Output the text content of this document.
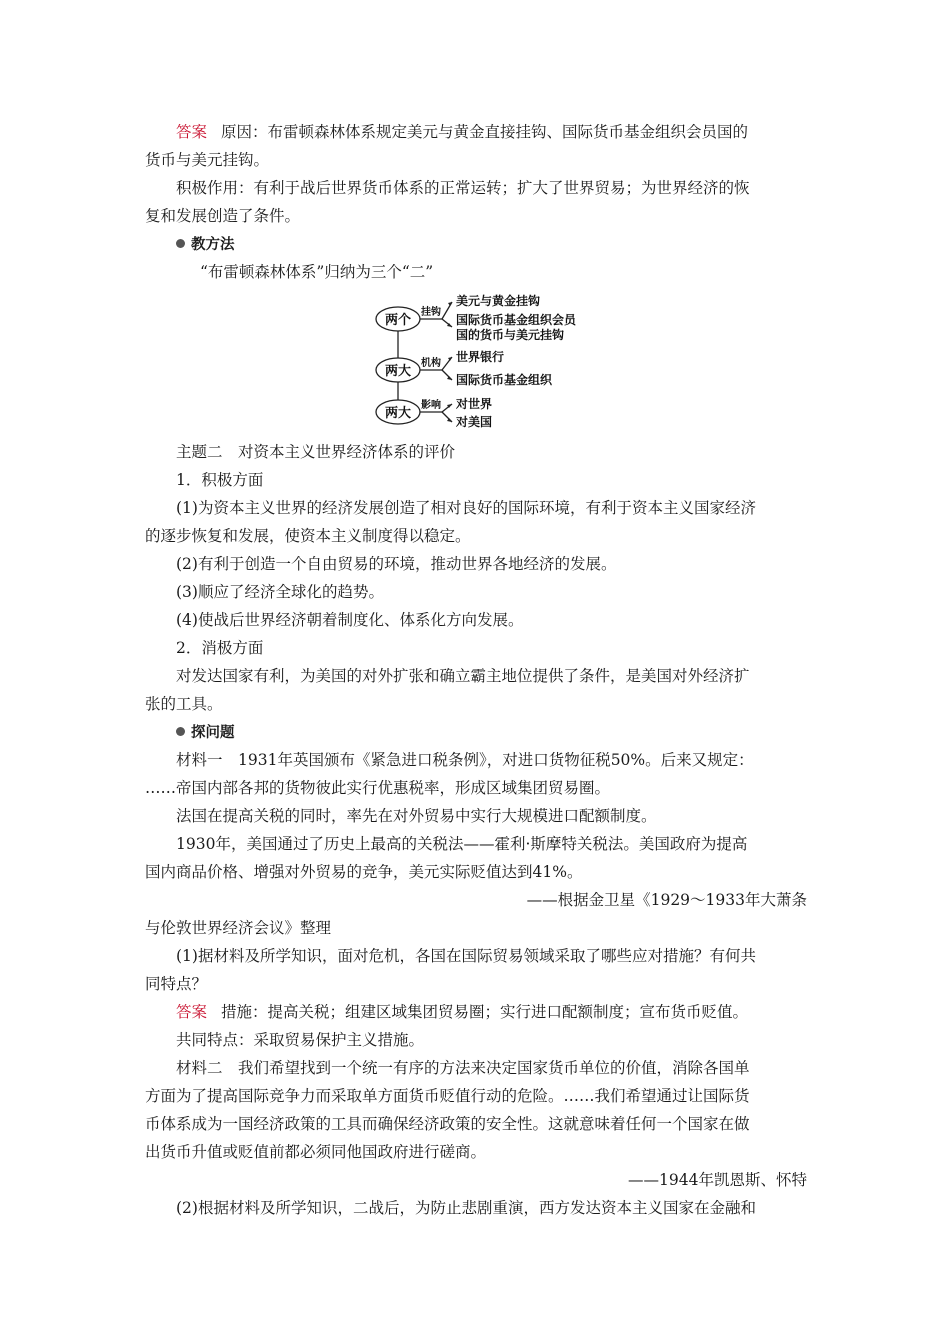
答案 原因：布雷顿森林体系规定美元与黄金直接挂钩、国际货币基金组织会员国的
货币与美元挂钩。
积极作用：有利于战后世界货币体系的正常运转；扩大了世界贸易；为世界经济的恢
复和发展创造了条件。
教方法
“布雷顿森林体系”归纳为三个“二”
两个
两大
两大
挂钩
机构
影响
美元与黄金挂钩
国际货币基金组织会员
国的货币与美元挂钩
世界银行
国际货币基金组织
对世界
对美国
主题二　对资本主义世界经济体系的评价
1．积极方面
(1)为资本主义世界的经济发展创造了相对良好的国际环境，有利于资本主义国家经济
的逐步恢复和发展，使资本主义制度得以稳定。
(2)有利于创造一个自由贸易的环境，推动世界各地经济的发展。
(3)顺应了经济全球化的趋势。
(4)使战后世界经济朝着制度化、体系化方向发展。
2．消极方面
对发达国家有利，为美国的对外扩张和确立霸主地位提供了条件，是美国对外经济扩
张的工具。
探问题
材料一　1931年英国颁布《紧急进口税条例》，对进口货物征税50%。后来又规定：
……帝国内部各邦的货物彼此实行优惠税率，形成区域集团贸易圈。
法国在提高关税的同时，率先在对外贸易中实行大规模进口配额制度。
1930年，美国通过了历史上最高的关税法——霍利·斯摩特关税法。美国政府为提高
国内商品价格、增强对外贸易的竞争，美元实际贬值达到41%。
——根据金卫星《1929～1933年大萧条
与伦敦世界经济会议》整理
(1)据材料及所学知识，面对危机，各国在国际贸易领域采取了哪些应对措施？有何共
同特点？
答案 措施：提高关税；组建区域集团贸易圈；实行进口配额制度；宣布货币贬值。
共同特点：采取贸易保护主义措施。
材料二　我们希望找到一个统一有序的方法来决定国家货币单位的价值，消除各国单
方面为了提高国际竞争力而采取单方面货币贬值行动的危险。……我们希望通过让国际货
币体系成为一国经济政策的工具而确保经济政策的安全性。这就意味着任何一个国家在做
出货币升值或贬值前都必须同他国政府进行磋商。
——1944年凯恩斯、怀特
(2)根据材料及所学知识，二战后，为防止悲剧重演，西方发达资本主义国家在金融和
